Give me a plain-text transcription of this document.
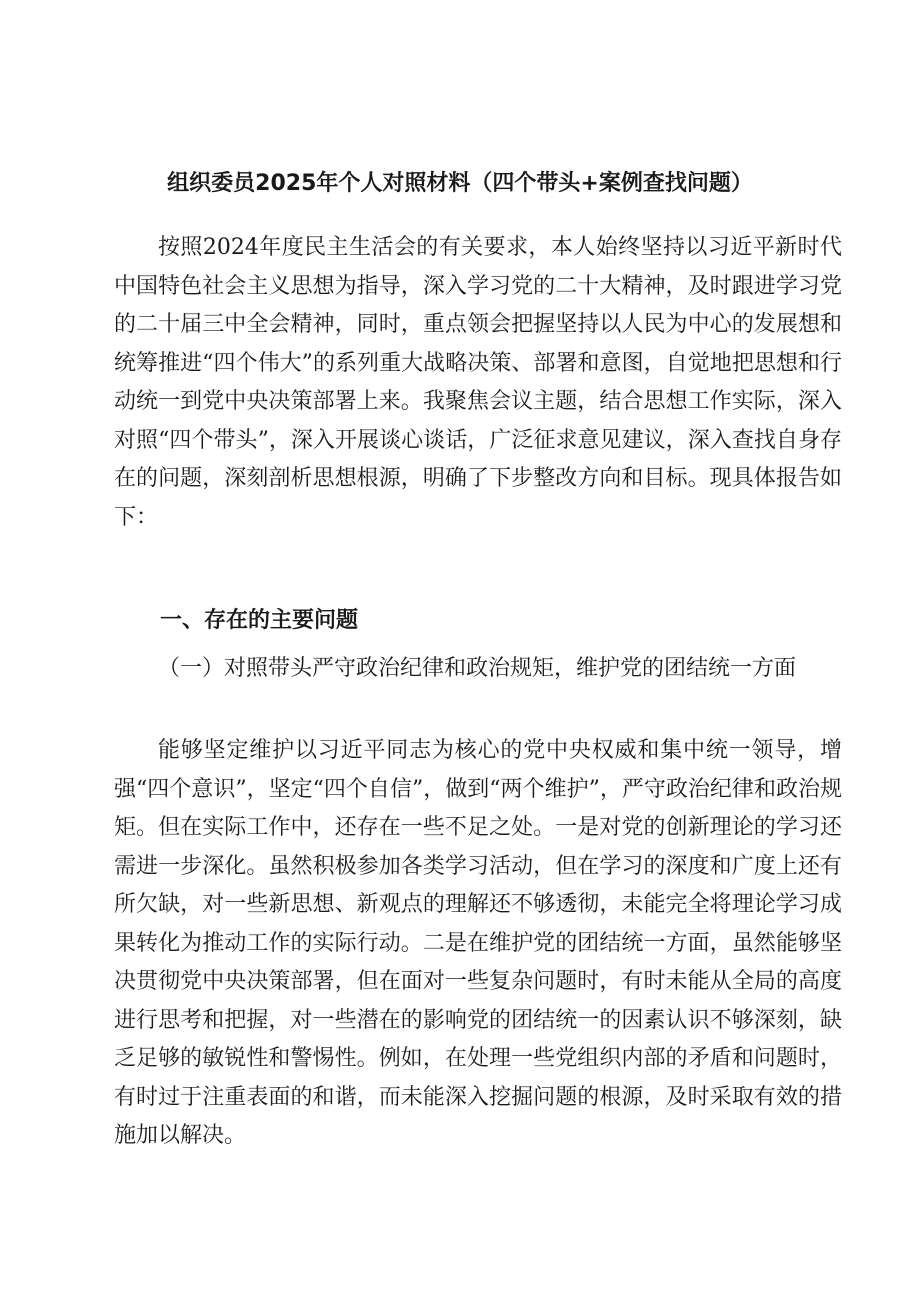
组织委员2025年个人对照材料（四个带头+案例查找问题）

按照2024年度民主生活会的有关要求，本人始终坚持以习近平新时代中国特色社会主义思想为指导，深入学习党的二十大精神，及时跟进学习党的二十届三中全会精神，同时，重点领会把握坚持以人民为中心的发展想和统筹推进“四个伟大”的系列重大战略决策、部署和意图，自觉地把思想和行动统一到党中央决策部署上来。我聚焦会议主题，结合思想工作实际，深入对照“四个带头”，深入开展谈心谈话，广泛征求意见建议，深入查找自身存在的问题，深刻剖析思想根源，明确了下步整改方向和目标。现具体报告如下：

一、存在的主要问题

（一）对照带头严守政治纪律和政治规矩，维护党的团结统一方面

能够坚定维护以习近平同志为核心的党中央权威和集中统一领导，增强“四个意识”，坚定“四个自信”，做到“两个维护”，严守政治纪律和政治规矩。但在实际工作中，还存在一些不足之处。一是对党的创新理论的学习还需进一步深化。虽然积极参加各类学习活动，但在学习的深度和广度上还有所欠缺，对一些新思想、新观点的理解还不够透彻，未能完全将理论学习成果转化为推动工作的实际行动。二是在维护党的团结统一方面，虽然能够坚决贯彻党中央决策部署，但在面对一些复杂问题时，有时未能从全局的高度进行思考和把握，对一些潜在的影响党的团结统一的因素认识不够深刻，缺乏足够的敏锐性和警惕性。例如，在处理一些党组织内部的矛盾和问题时，有时过于注重表面的和谐，而未能深入挖掘问题的根源，及时采取有效的措施加以解决。
